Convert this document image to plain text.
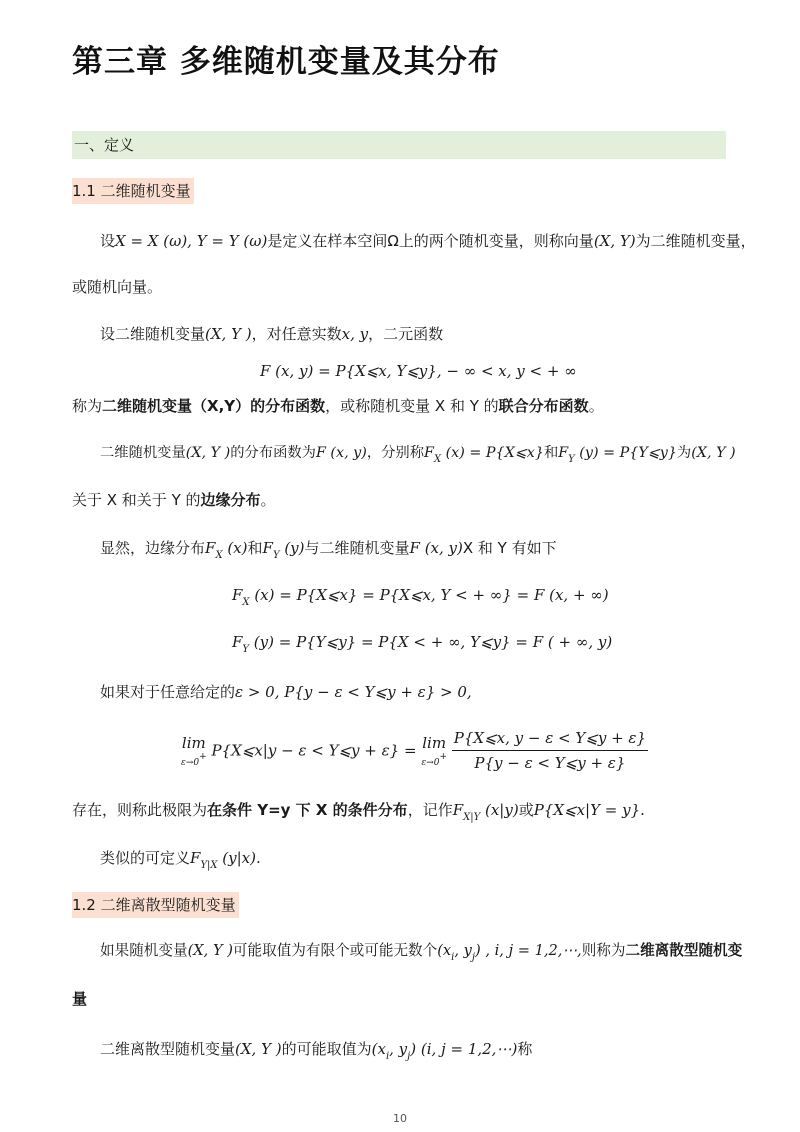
第三章 多维随机变量及其分布
一、定义
1.1 二维随机变量
设X = X (ω), Y = Y (ω)是定义在样本空间Ω上的两个随机变量，则称向量(X, Y)为二维随机变量，
或随机向量。
设二维随机变量(X, Y )，对任意实数x, y，二元函数
F (x, y) = P{X⩽x, Y⩽y}, − ∞ < x, y < + ∞
称为二维随机变量（X,Y）的分布函数，或称随机变量 X 和 Y 的联合分布函数。
二维随机变量(X, Y )的分布函数为F (x, y)，分别称$F_X$ (x) = P{X⩽x}和$F_Y$ (y) = P{Y⩽y}为(X, Y )
关于 X 和关于 Y 的边缘分布。
显然，边缘分布$F_X$ (x)和$F_Y$ (y)与二维随机变量F (x, y)X 和 Y 有如下
$F_X$ (x) = P{X⩽x} = P{X⩽x, Y < + ∞} = F (x, + ∞)
$F_Y$ (y) = P{Y⩽y} = P{X < + ∞, Y⩽y} = F ( + ∞, y)
如果对于任意给定的ε > 0, P{y − ε < Y⩽y + ε} > 0,
lim
ε→0+ P{X⩽x|y − ε < Y⩽y + ε} = lim
ε→0+
$\frac{P\{X⩽x, y - \varepsilon < Y⩽y + \varepsilon\}}{P\{y - \varepsilon < Y⩽y + \varepsilon\}}$
存在，则称此极限为在条件 Y=y 下 X 的条件分布，记作$F_{X|Y}$ (x|y)或P{X⩽x|Y = y}.
类似的可定义$F_{Y|X}$ (y|x).
1.2 二维离散型随机变量
如果随机变量(X, Y )可能取值为有限个或可能无数个($x_i$, $y_j$) , i, j = 1,2,⋯,则称为二维离散型随机变
量
二维离散型随机变量(X, Y )的可能取值为($x_i$, $y_j$) (i, j = 1,2,⋯)称
10
